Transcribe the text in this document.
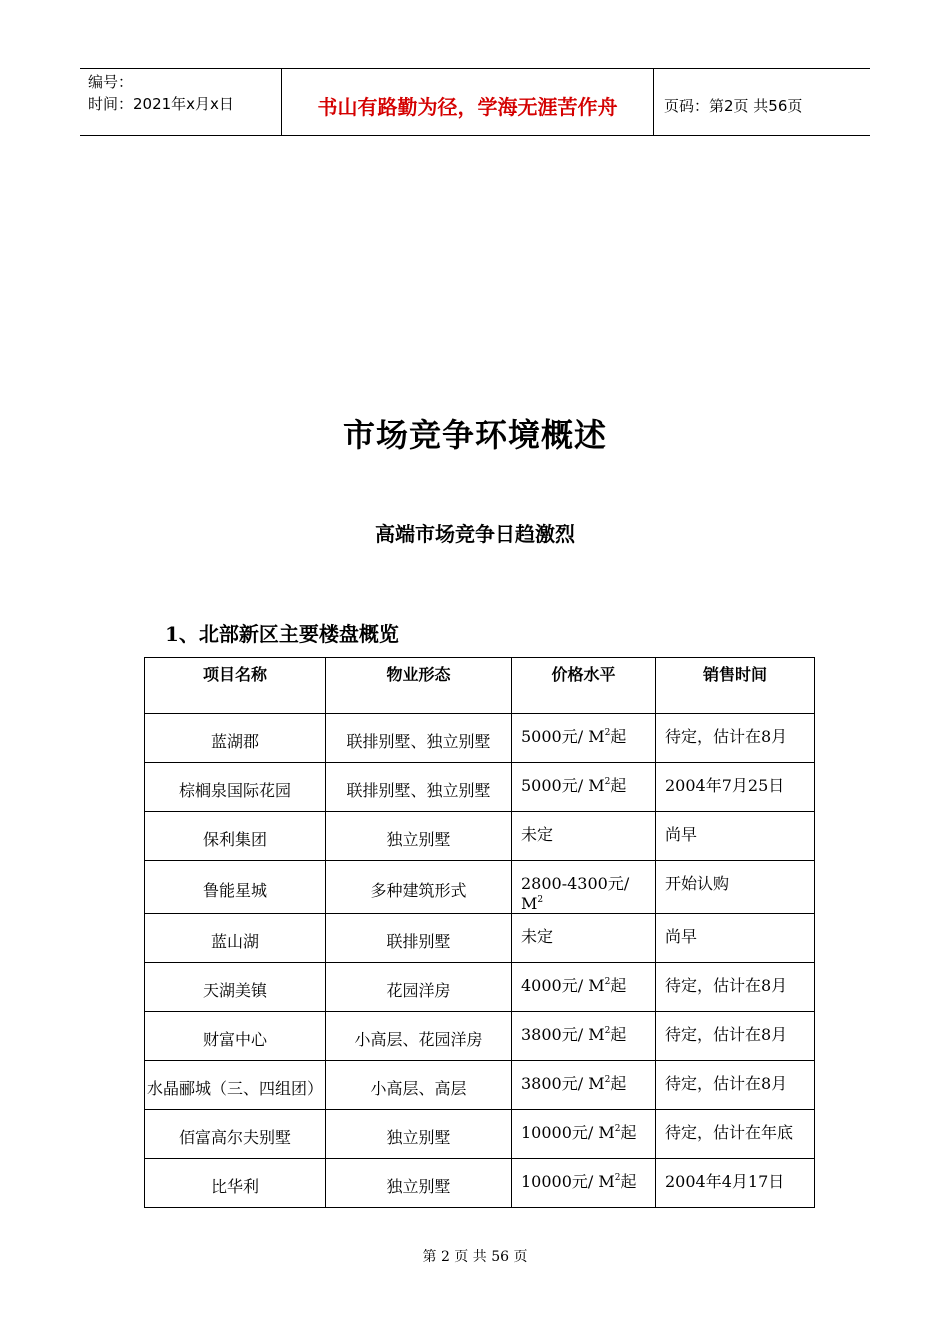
编号：
时间：2021年x月x日	书山有路勤为径，学海无涯苦作舟	页码：第2页 共56页
市场竞争环境概述
高端市场竞争日趋激烈
1、北部新区主要楼盘概览
项目名称	物业形态	价格水平	销售时间
蓝湖郡	联排别墅、独立别墅	5000元/ $M^2$起	待定，估计在8月
棕榈泉国际花园	联排别墅、独立别墅	5000元/ $M^2$起	2004年7月25日
保利集团	独立别墅	未定	尚早
鲁能星城	多种建筑形式	2800-4300元/ $M^2$	开始认购
蓝山湖	联排别墅	未定	尚早
天湖美镇	花园洋房	4000元/ $M^2$起	待定，估计在8月
财富中心	小高层、花园洋房	3800元/ $M^2$起	待定，估计在8月
水晶郦城（三、四组团）	小高层、高层	3800元/ $M^2$起	待定，估计在8月
佰富高尔夫别墅	独立别墅	10000元/ $M^2$起	待定，估计在年底
比华利	独立别墅	10000元/ $M^2$起	2004年4月17日
第 2 页 共 56 页
